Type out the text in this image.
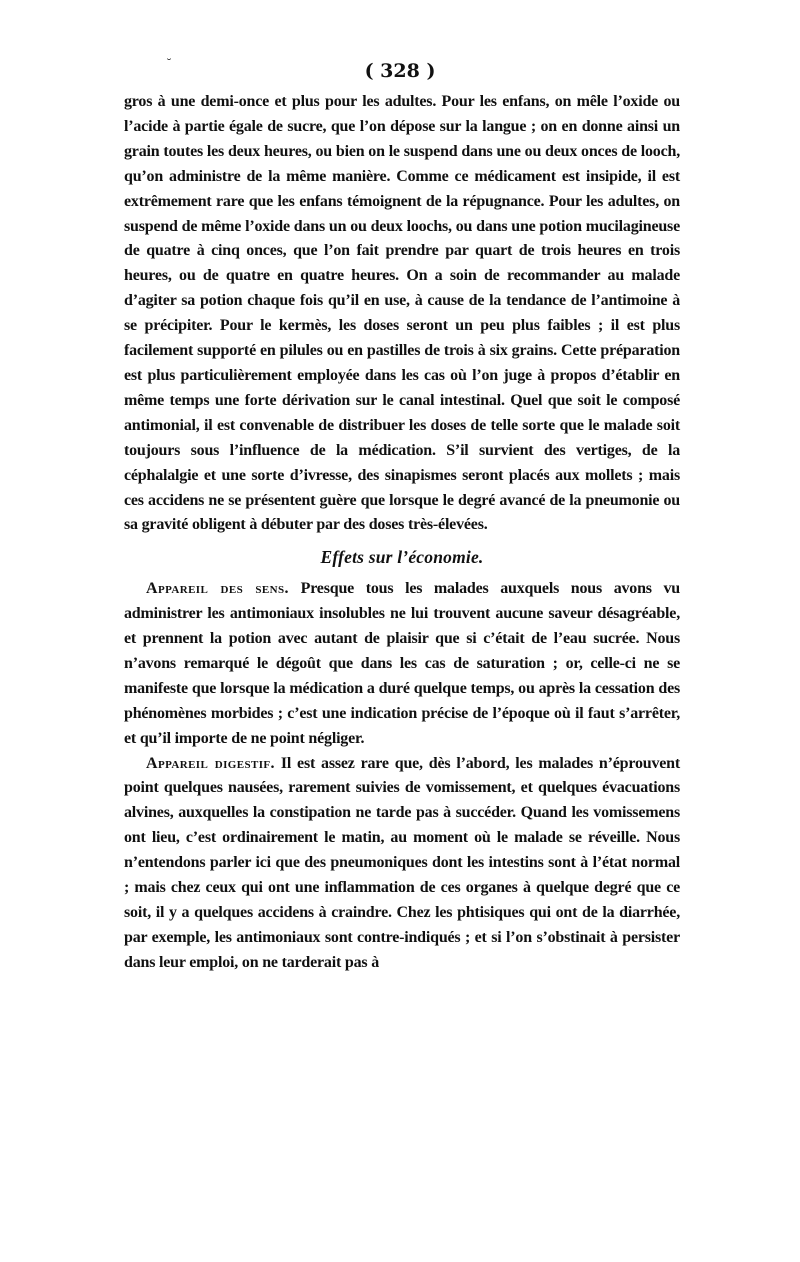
˘	( 328 )

gros à une demi-once et plus pour les adultes. Pour les enfans, on mêle l’oxide ou l’acide à partie égale de sucre, que l’on dépose sur la langue ; on en donne ainsi un grain toutes les deux heures, ou bien on le suspend dans une ou deux onces de looch, qu’on administre de la même manière. Comme ce médicament est insipide, il est extrêmement rare que les enfans témoignent de la répugnance. Pour les adultes, on suspend de même l’oxide dans un ou deux loochs, ou dans une potion mucilagineuse de quatre à cinq onces, que l’on fait prendre par quart de trois heures en trois heures, ou de quatre en quatre heures. On a soin de recommander au malade d’agiter sa potion chaque fois qu’il en use, à cause de la tendance de l’antimoine à se précipiter. Pour le kermès, les doses seront un peu plus faibles ; il est plus facilement supporté en pilules ou en pastilles de trois à six grains. Cette préparation est plus particulièrement employée dans les cas où l’on juge à propos d’établir en même temps une forte dérivation sur le canal intestinal. Quel que soit le composé antimonial, il est convenable de distribuer les doses de telle sorte que le malade soit toujours sous l’influence de la médication. S’il survient des vertiges, de la céphalalgie et une sorte d’ivresse, des sinapismes seront placés aux mollets ; mais ces accidens ne se présentent guère que lorsque le degré avancé de la pneumonie ou sa gravité obligent à débuter par des doses très-élevées.

Effets sur l’économie.

Appareil des sens. Presque tous les malades auxquels nous avons vu administrer les antimoniaux insolubles ne lui trouvent aucune saveur désagréable, et prennent la potion avec autant de plaisir que si c’était de l’eau sucrée. Nous n’avons remarqué le dégoût que dans les cas de saturation ; or, celle-ci ne se manifeste que lorsque la médication a duré quelque temps, ou après la cessation des phénomènes morbides ; c’est une indication précise de l’époque où il faut s’arrêter, et qu’il importe de ne point négliger.

Appareil digestif. Il est assez rare que, dès l’abord, les malades n’éprouvent point quelques nausées, rarement suivies de vomissement, et quelques évacuations alvines, auxquelles la constipation ne tarde pas à succéder. Quand les vomissemens ont lieu, c’est ordinairement le matin, au moment où le malade se réveille. Nous n’entendons parler ici que des pneumoniques dont les intestins sont à l’état normal ; mais chez ceux qui ont une inflammation de ces organes à quelque degré que ce soit, il y a quelques accidens à craindre. Chez les phtisiques qui ont de la diarrhée, par exemple, les antimoniaux sont contre-indiqués ; et si l’on s’obstinait à persister dans leur emploi, on ne tarderait pas à
